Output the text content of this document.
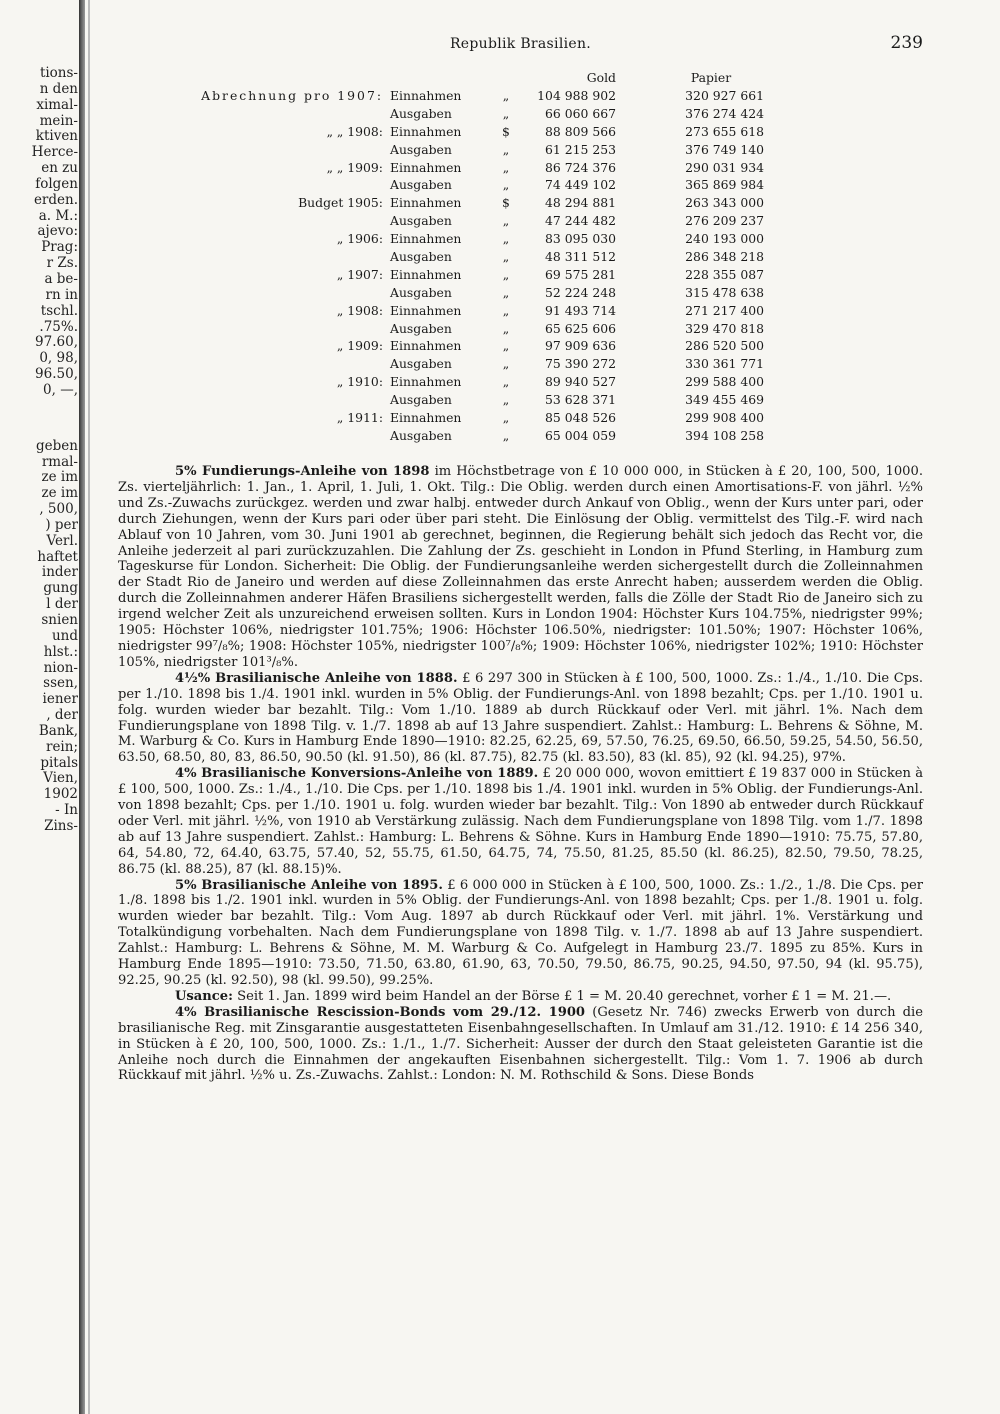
tions-
n den
ximal-
mein-
ktiven
Herce-
en zu
folgen
erden.
a. M.:
ajevo:
Prag:
r Zs.
a be-
rn in
tschl.
.75%.
97.60,
0, 98,
96.50,
0, —,
geben
rmal-
ze im
ze im
, 500,
) per
Verl.
haftet
inder
gung
l der
snien
und
hlst.:
nion-
ssen,
iener
, der
Bank,
rein;
pitals
Vien,
1902
- In
Zins-
Republik Brasilien.	239
Gold	Papier
Abrechnung pro 1907: Einnahmen	„	104 988 902	320 927 661
Ausgaben	„	66 060 667	376 274 424
„ „ 1908: Einnahmen	$	88 809 566	273 655 618
Ausgaben	„	61 215 253	376 749 140
„ „ 1909: Einnahmen	„	86 724 376	290 031 934
Ausgaben	„	74 449 102	365 869 984
Budget 1905: Einnahmen	$	48 294 881	263 343 000
Ausgaben	„	47 244 482	276 209 237
„ 1906: Einnahmen	„	83 095 030	240 193 000
Ausgaben	„	48 311 512	286 348 218
„ 1907: Einnahmen	„	69 575 281	228 355 087
Ausgaben	„	52 224 248	315 478 638
„ 1908: Einnahmen	„	91 493 714	271 217 400
Ausgaben	„	65 625 606	329 470 818
„ 1909: Einnahmen	„	97 909 636	286 520 500
Ausgaben	„	75 390 272	330 361 771
„ 1910: Einnahmen	„	89 940 527	299 588 400
Ausgaben	„	53 628 371	349 455 469
„ 1911: Einnahmen	„	85 048 526	299 908 400
Ausgaben	„	65 004 059	394 108 258

5% Fundierungs-Anleihe von 1898 im Höchstbetrage von £ 10 000 000, in Stücken à £ 20, 100, 500, 1000. Zs. vierteljährlich: 1. Jan., 1. April, 1. Juli, 1. Okt. Tilg.: Die Oblig. werden durch einen Amortisations-F. von jährl. ½% und Zs.-Zuwachs zurückgez. werden und zwar halbj. entweder durch Ankauf von Oblig., wenn der Kurs unter pari, oder durch Ziehungen, wenn der Kurs pari oder über pari steht. Die Einlösung der Oblig. vermittelst des Tilg.-F. wird nach Ablauf von 10 Jahren, vom 30. Juni 1901 ab gerechnet, beginnen, die Regierung behält sich jedoch das Recht vor, die Anleihe jederzeit al pari zurückzuzahlen. Die Zahlung der Zs. geschieht in London in Pfund Sterling, in Hamburg zum Tageskurse für London. Sicherheit: Die Oblig. der Fundierungsanleihe werden sichergestellt durch die Zolleinnahmen der Stadt Rio de Janeiro und werden auf diese Zolleinnahmen das erste Anrecht haben; ausserdem werden die Oblig. durch die Zolleinnahmen anderer Häfen Brasiliens sichergestellt werden, falls die Zölle der Stadt Rio de Janeiro sich zu irgend welcher Zeit als unzureichend erweisen sollten. Kurs in London 1904: Höchster Kurs 104.75%, niedrigster 99%; 1905: Höchster 106%, niedrigster 101.75%; 1906: Höchster 106.50%, niedrigster: 101.50%; 1907: Höchster 106%, niedrigster 99⁷/₈%; 1908: Höchster 105%, niedrigster 100⁷/₈%; 1909: Höchster 106%, niedrigster 102%; 1910: Höchster 105%, niedrigster 101³/₈%.

4½% Brasilianische Anleihe von 1888. £ 6 297 300 in Stücken à £ 100, 500, 1000. Zs.: 1./4., 1./10. Die Cps. per 1./10. 1898 bis 1./4. 1901 inkl. wurden in 5% Oblig. der Fundierungs-Anl. von 1898 bezahlt; Cps. per 1./10. 1901 u. folg. wurden wieder bar bezahlt. Tilg.: Vom 1./10. 1889 ab durch Rückkauf oder Verl. mit jährl. 1%. Nach dem Fundierungsplane von 1898 Tilg. v. 1./7. 1898 ab auf 13 Jahre suspendiert. Zahlst.: Hamburg: L. Behrens & Söhne, M. M. Warburg & Co. Kurs in Hamburg Ende 1890—1910: 82.25, 62.25, 69, 57.50, 76.25, 69.50, 66.50, 59.25, 54.50, 56.50, 63.50, 68.50, 80, 83, 86.50, 90.50 (kl. 91.50), 86 (kl. 87.75), 82.75 (kl. 83.50), 83 (kl. 85), 92 (kl. 94.25), 97%.

4% Brasilianische Konversions-Anleihe von 1889. £ 20 000 000, wovon emittiert £ 19 837 000 in Stücken à £ 100, 500, 1000. Zs.: 1./4., 1./10. Die Cps. per 1./10. 1898 bis 1./4. 1901 inkl. wurden in 5% Oblig. der Fundierungs-Anl. von 1898 bezahlt; Cps. per 1./10. 1901 u. folg. wurden wieder bar bezahlt. Tilg.: Von 1890 ab entweder durch Rückkauf oder Verl. mit jährl. ½%, von 1910 ab Verstärkung zulässig. Nach dem Fundierungsplane von 1898 Tilg. vom 1./7. 1898 ab auf 13 Jahre suspendiert. Zahlst.: Hamburg: L. Behrens & Söhne. Kurs in Hamburg Ende 1890—1910: 75.75, 57.80, 64, 54.80, 72, 64.40, 63.75, 57.40, 52, 55.75, 61.50, 64.75, 74, 75.50, 81.25, 85.50 (kl. 86.25), 82.50, 79.50, 78.25, 86.75 (kl. 88.25), 87 (kl. 88.15)%.

5% Brasilianische Anleihe von 1895. £ 6 000 000 in Stücken à £ 100, 500, 1000. Zs.: 1./2., 1./8. Die Cps. per 1./8. 1898 bis 1./2. 1901 inkl. wurden in 5% Oblig. der Fundierungs-Anl. von 1898 bezahlt; Cps. per 1./8. 1901 u. folg. wurden wieder bar bezahlt. Tilg.: Vom Aug. 1897 ab durch Rückkauf oder Verl. mit jährl. 1%. Verstärkung und Totalkündigung vorbehalten. Nach dem Fundierungsplane von 1898 Tilg. v. 1./7. 1898 ab auf 13 Jahre suspendiert. Zahlst.: Hamburg: L. Behrens & Söhne, M. M. Warburg & Co. Aufgelegt in Hamburg 23./7. 1895 zu 85%. Kurs in Hamburg Ende 1895—1910: 73.50, 71.50, 63.80, 61.90, 63, 70.50, 79.50, 86.75, 90.25, 94.50, 97.50, 94 (kl. 95.75), 92.25, 90.25 (kl. 92.50), 98 (kl. 99.50), 99.25%.

Usance: Seit 1. Jan. 1899 wird beim Handel an der Börse £ 1 = M. 20.40 gerechnet, vorher £ 1 = M. 21.—.

4% Brasilianische Rescission-Bonds vom 29./12. 1900 (Gesetz Nr. 746) zwecks Erwerb von durch die brasilianische Reg. mit Zinsgarantie ausgestatteten Eisenbahngesellschaften. In Umlauf am 31./12. 1910: £ 14 256 340, in Stücken à £ 20, 100, 500, 1000. Zs.: 1./1., 1./7. Sicherheit: Ausser der durch den Staat geleisteten Garantie ist die Anleihe noch durch die Einnahmen der angekauften Eisenbahnen sichergestellt. Tilg.: Vom 1. 7. 1906 ab durch Rückkauf mit jährl. ½% u. Zs.-Zuwachs. Zahlst.: London: N. M. Rothschild & Sons. Diese Bonds
